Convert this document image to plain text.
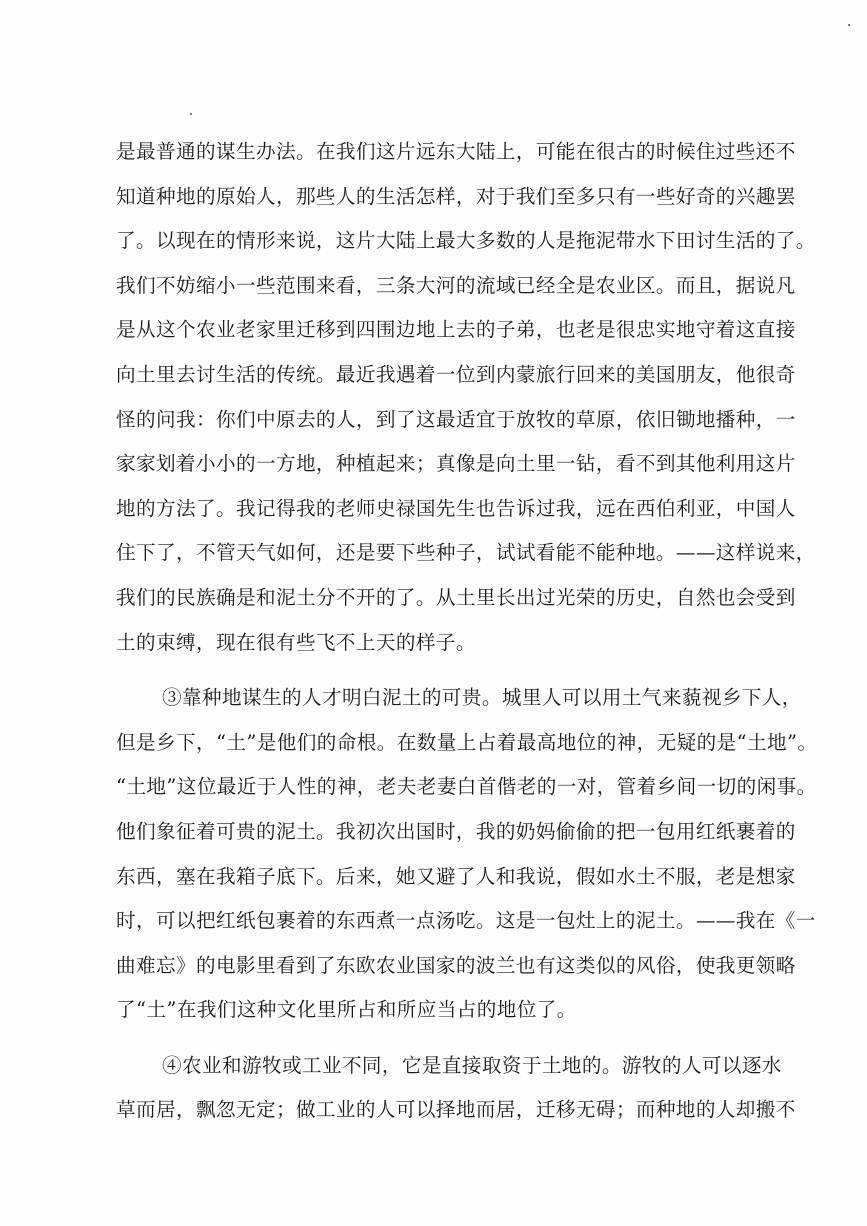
是最普通的谋生办法。在我们这片远东大陆上，可能在很古的时候住过些还不
知道种地的原始人，那些人的生活怎样，对于我们至多只有一些好奇的兴趣罢
了。以现在的情形来说，这片大陆上最大多数的人是拖泥带水下田讨生活的了。
我们不妨缩小一些范围来看，三条大河的流域已经全是农业区。而且，据说凡
是从这个农业老家里迁移到四围边地上去的子弟，也老是很忠实地守着这直接
向土里去讨生活的传统。最近我遇着一位到内蒙旅行回来的美国朋友，他很奇
怪的问我：你们中原去的人，到了这最适宜于放牧的草原，依旧锄地播种，一
家家划着小小的一方地，种植起来；真像是向土里一钻，看不到其他利用这片
地的方法了。我记得我的老师史禄国先生也告诉过我，远在西伯利亚，中国人
住下了，不管天气如何，还是要下些种子，试试看能不能种地。——这样说来，
我们的民族确是和泥土分不开的了。从土里长出过光荣的历史，自然也会受到
土的束缚，现在很有些飞不上天的样子。
③靠种地谋生的人才明白泥土的可贵。城里人可以用土气来藐视乡下人，
但是乡下，“土”是他们的命根。在数量上占着最高地位的神，无疑的是“土地”。
“土地”这位最近于人性的神，老夫老妻白首偕老的一对，管着乡间一切的闲事。
他们象征着可贵的泥土。我初次出国时，我的奶妈偷偷的把一包用红纸裹着的
东西，塞在我箱子底下。后来，她又避了人和我说，假如水土不服，老是想家
时，可以把红纸包裹着的东西煮一点汤吃。这是一包灶上的泥土。——我在《一
曲难忘》的电影里看到了东欧农业国家的波兰也有这类似的风俗，使我更领略
了“土”在我们这种文化里所占和所应当占的地位了。
④农业和游牧或工业不同，它是直接取资于土地的。游牧的人可以逐水
草而居，飘忽无定；做工业的人可以择地而居，迁移无碍；而种地的人却搬不
